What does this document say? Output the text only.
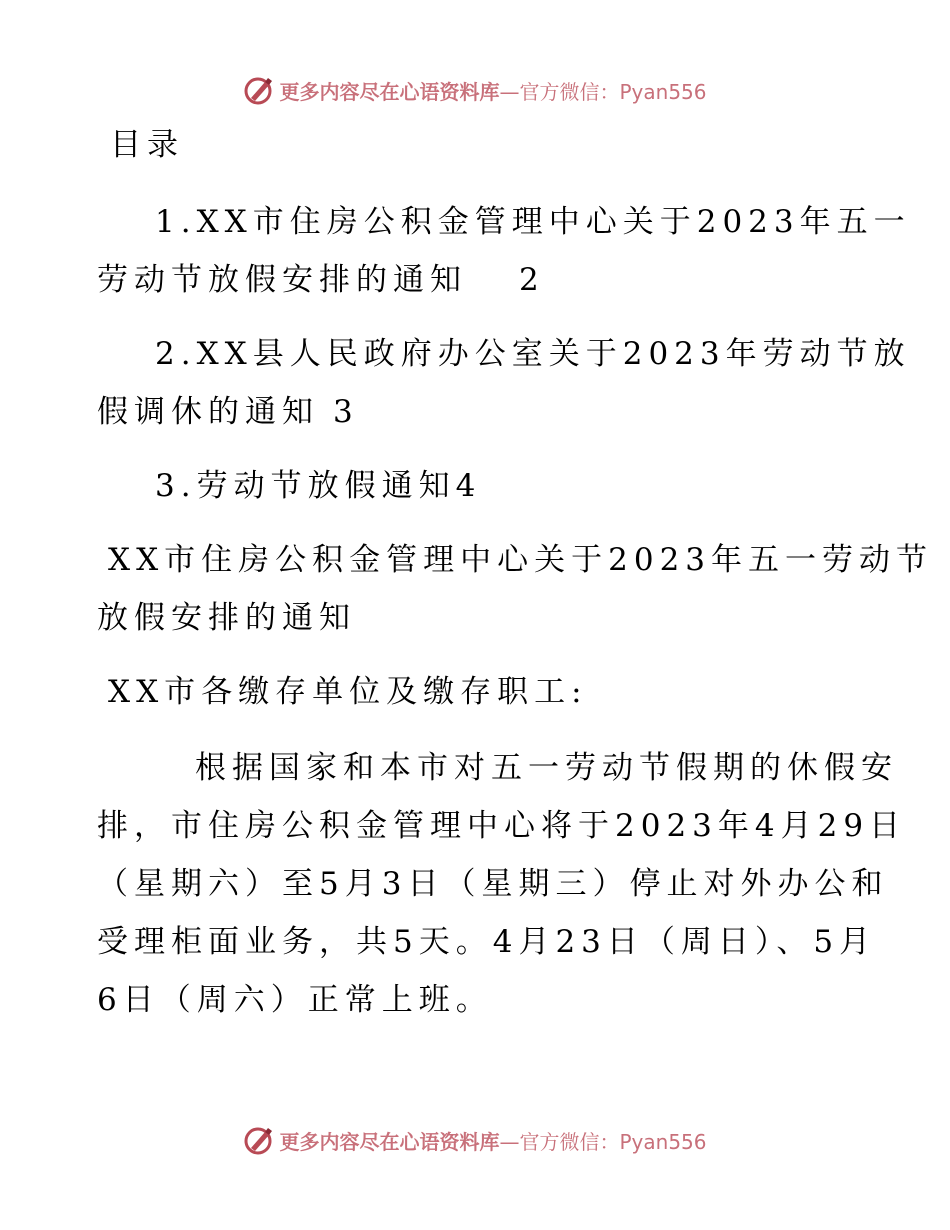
更多内容尽在心语资料库—官方微信：Pyan556
目录
1.XX市住房公积金管理中心关于2023年五一
劳动节放假安排的通知 2
2.XX县人民政府办公室关于2023年劳动节放
假调休的通知 3
3.劳动节放假通知4
XX市住房公积金管理中心关于2023年五一劳动节
放假安排的通知
XX市各缴存单位及缴存职工:
根据国家和本市对五一劳动节假期的休假安
排，市住房公积金管理中心将于2023年4月29日
（星期六）至5月3日（星期三）停止对外办公和
受理柜面业务，共5天。4月23日（周日）、5月
6日（周六）正常上班。
更多内容尽在心语资料库—官方微信：Pyan556
